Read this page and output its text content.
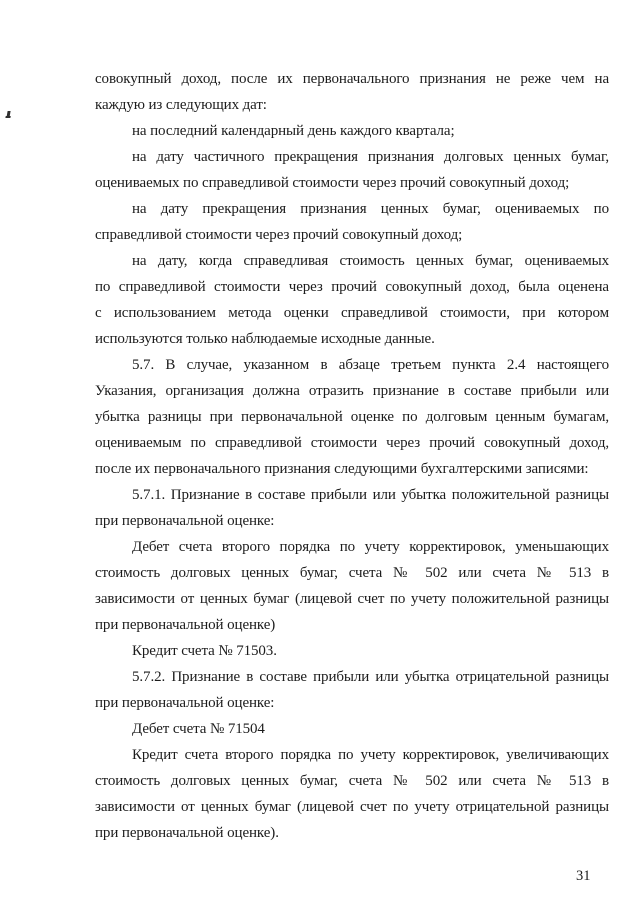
совокупный доход, после их первоначального признания не реже чем на
каждую из следующих дат:
на последний календарный день каждого квартала;
на дату частичного прекращения признания долговых ценных бумаг,
оцениваемых по справедливой стоимости через прочий совокупный доход;
на дату прекращения признания ценных бумаг, оцениваемых по
справедливой стоимости через прочий совокупный доход;
на дату, когда справедливая стоимость ценных бумаг, оцениваемых
по справедливой стоимости через прочий совокупный доход, была оценена
с использованием метода оценки справедливой стоимости, при котором
используются только наблюдаемые исходные данные.
5.7. В случае, указанном в абзаце третьем пункта 2.4 настоящего
Указания, организация должна отразить признание в составе прибыли или
убытка разницы при первоначальной оценке по долговым ценным бумагам,
оцениваемым по справедливой стоимости через прочий совокупный доход,
после их первоначального признания следующими бухгалтерскими записями:
5.7.1. Признание в составе прибыли или убытка положительной разницы
при первоначальной оценке:
Дебет счета второго порядка по учету корректировок, уменьшающих
стоимость долговых ценных бумаг, счета № 502 или счета № 513 в
зависимости от ценных бумаг (лицевой счет по учету положительной разницы
при первоначальной оценке)
Кредит счета № 71503.
5.7.2. Признание в составе прибыли или убытка отрицательной разницы
при первоначальной оценке:
Дебет счета № 71504
Кредит счета второго порядка по учету корректировок, увеличивающих
стоимость долговых ценных бумаг, счета № 502 или счета № 513 в
зависимости от ценных бумаг (лицевой счет по учету отрицательной разницы
при первоначальной оценке).
31
